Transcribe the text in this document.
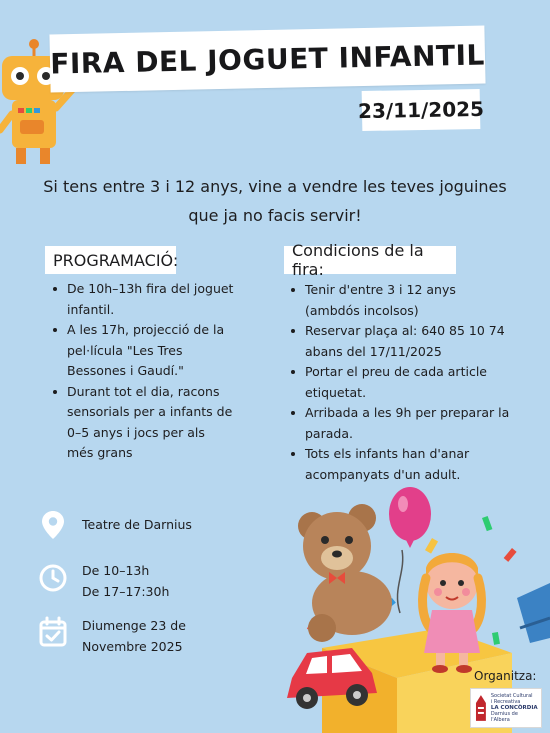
FIRA DEL JOGUET INFANTIL
23/11/2025
Si tens entre 3 i 12 anys, vine a vendre les teves joguines
que ja no facis servir!
PROGRAMACIÓ:	Condicions de la fira:
De 10h–13h fira del joguet infantil.
A les 17h, projecció de la pel·lícula "Les Tres Bessones i Gaudí."
Durant tot el dia, racons sensorials per a infants de 0–5 anys i jocs per als més grans
Tenir d'entre 3 i 12 anys (ambdós incolsos)
Reservar plaça al: 640 85 10 74 abans del 17/11/2025
Portar el preu de cada article etiquetat.
Arribada a les 9h per preparar la parada.
Tots els infants han d'anar acompanyats d'un adult.
Teatre de Darnius
De 10–13h
De 17–17:30h
Diumenge 23 de
Novembre 2025
Organitza:
Societat Cultural
i Recreativa
LA CONCÒRDIA
Darnius de l'Albera
